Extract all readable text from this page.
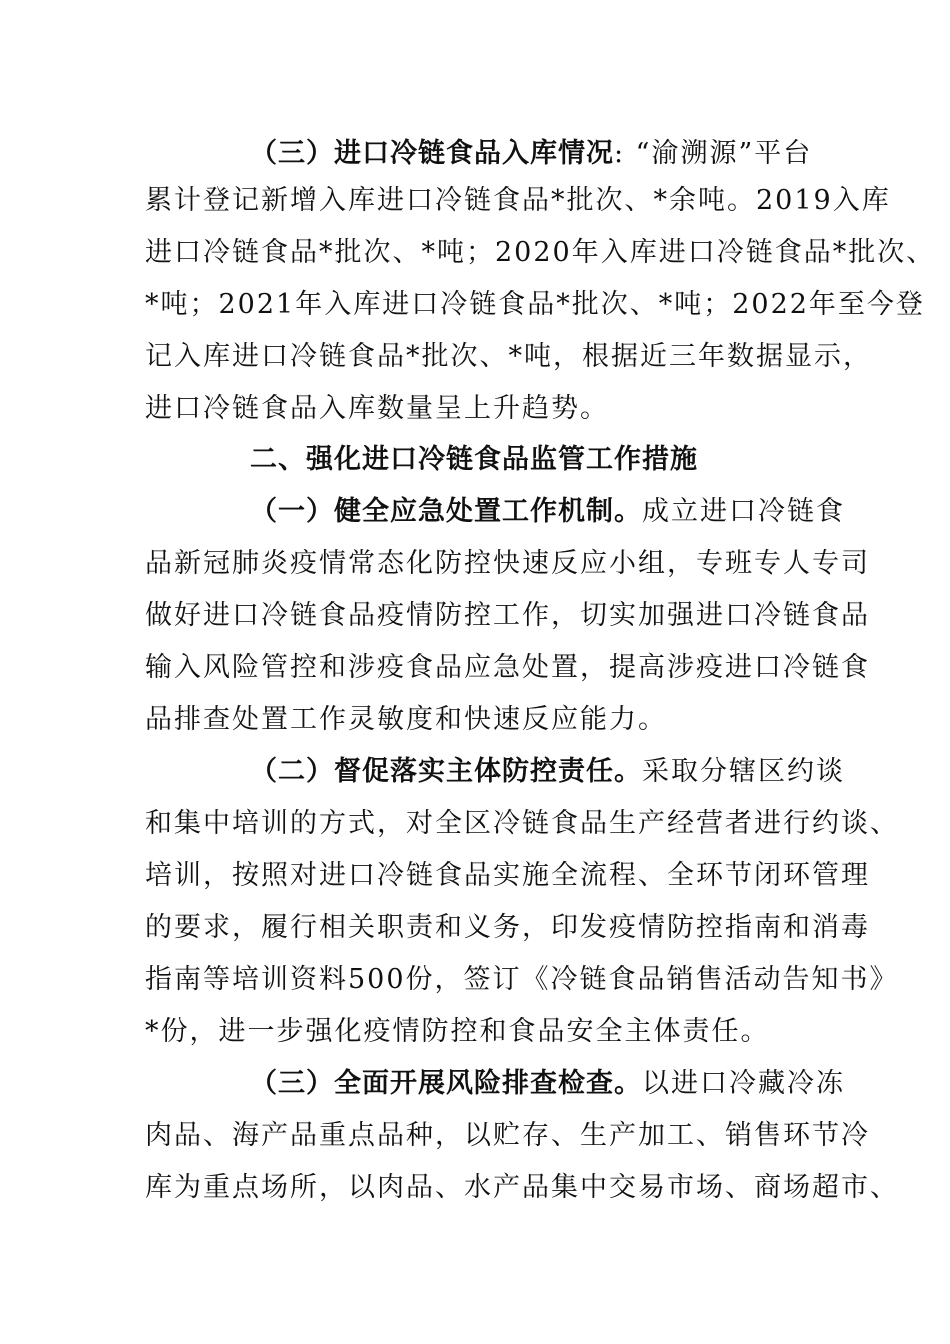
（三）进口冷链食品入库情况: “渝溯源”平台
累计登记新增入库进口冷链食品*批次、*余吨。2019入库
进口冷链食品*批次、*吨；2020年入库进口冷链食品*批次、
*吨；2021年入库进口冷链食品*批次、*吨；2022年至今登
记入库进口冷链食品*批次、*吨，根据近三年数据显示，
进口冷链食品入库数量呈上升趋势。
二、强化进口冷链食品监管工作措施
（一）健全应急处置工作机制。成立进口冷链食
品新冠肺炎疫情常态化防控快速反应小组，专班专人专司
做好进口冷链食品疫情防控工作，切实加强进口冷链食品
输入风险管控和涉疫食品应急处置，提高涉疫进口冷链食
品排查处置工作灵敏度和快速反应能力。
（二）督促落实主体防控责任。采取分辖区约谈
和集中培训的方式，对全区冷链食品生产经营者进行约谈、
培训，按照对进口冷链食品实施全流程、全环节闭环管理
的要求，履行相关职责和义务，印发疫情防控指南和消毒
指南等培训资料500份，签订《冷链食品销售活动告知书》
*份，进一步强化疫情防控和食品安全主体责任。
（三）全面开展风险排查检查。以进口冷藏冷冻
肉品、海产品重点品种，以贮存、生产加工、销售环节冷
库为重点场所，以肉品、水产品集中交易市场、商场超市、
